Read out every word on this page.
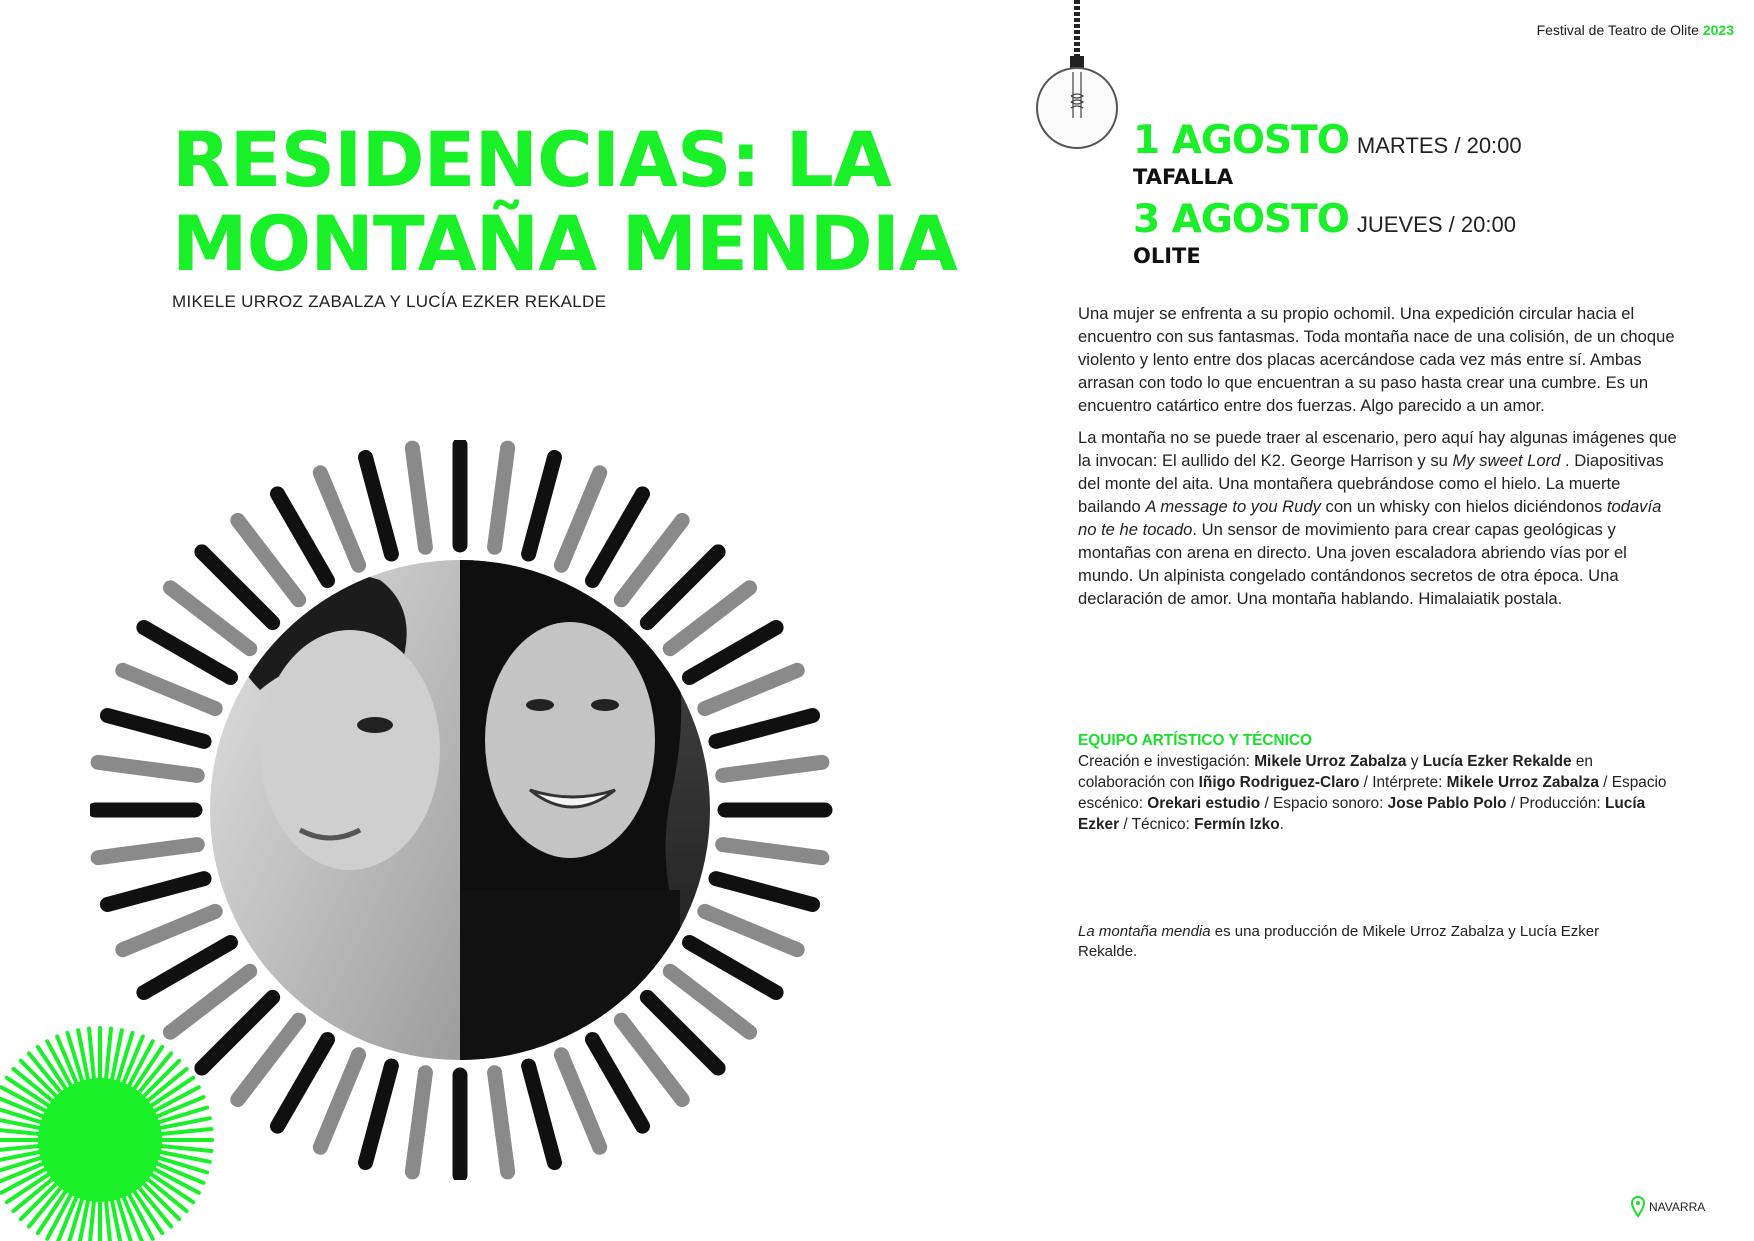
Festival de Teatro de Olite 2023
RESIDENCIAS: LA
MONTAÑA MENDIA
MIKELE URROZ ZABALZA Y LUCÍA EZKER REKALDE
1 AGOSTO MARTES / 20:00
TAFALLA
3 AGOSTO JUEVES / 20:00
OLITE

Una mujer se enfrenta a su propio ochomil. Una expedición circular hacia el encuentro con sus fantasmas. Toda montaña nace de una colisión, de un choque violento y lento entre dos placas acercándose cada vez más entre sí. Ambas arrasan con todo lo que encuentran a su paso hasta crear una cumbre. Es un encuentro catártico entre dos fuerzas. Algo parecido a un amor.

La montaña no se puede traer al escenario, pero aquí hay algunas imágenes que la invocan: El aullido del K2. George Harrison y su My sweet Lord . Diapositivas del monte del aita. Una montañera quebrándose como el hielo. La muerte bailando A message to you Rudy con un whisky con hielos diciéndonos todavía no te he tocado. Un sensor de movimiento para crear capas geológicas y montañas con arena en directo. Una joven escaladora abriendo vías por el mundo. Un alpinista congelado contándonos secretos de otra época. Una declaración de amor. Una montaña hablando. Himalaiatik postala.

EQUIPO ARTÍSTICO Y TÉCNICO
Creación e investigación: Mikele Urroz Zabalza y Lucía Ezker Rekalde en colaboración con Iñigo Rodriguez-Claro / Intérprete: Mikele Urroz Zabalza / Espacio escénico: Orekari estudio / Espacio sonoro: Jose Pablo Polo / Producción: Lucía Ezker / Técnico: Fermín Izko.
La montaña mendia es una producción de Mikele Urroz Zabalza y Lucía Ezker Rekalde.
NAVARRA
